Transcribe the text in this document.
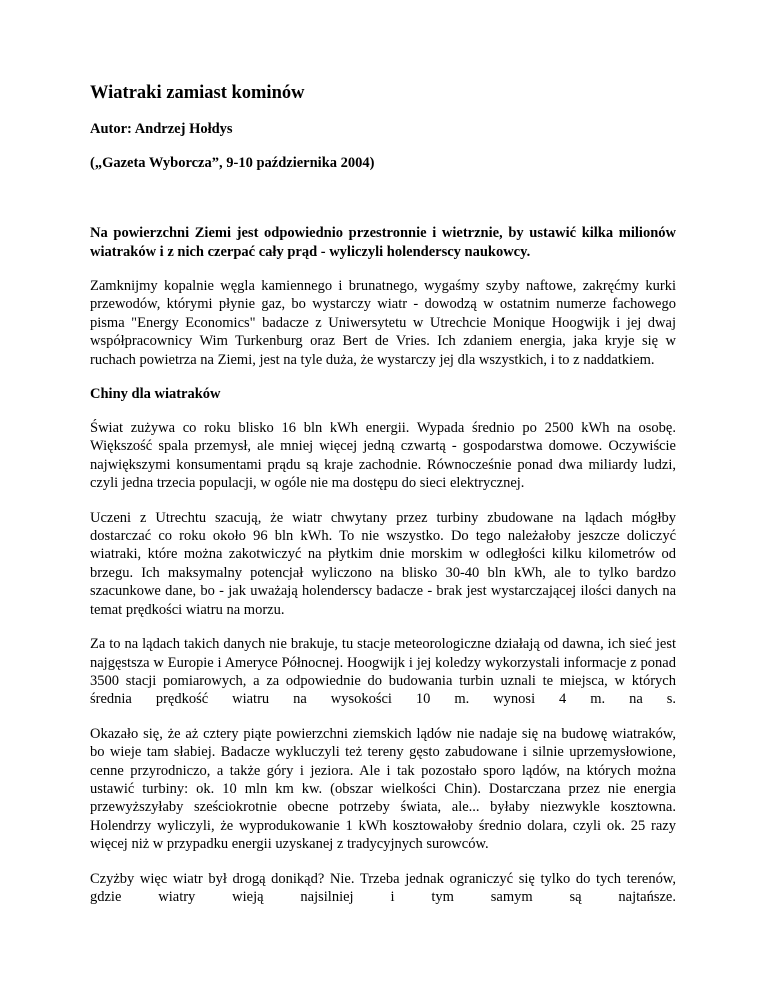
Wiatraki zamiast kominów

Autor: Andrzej Hołdys

(„Gazeta Wyborcza”, 9-10 października 2004)

Na powierzchni Ziemi jest odpowiednio przestronnie i wietrznie, by ustawić kilka milionów wiatraków i z nich czerpać cały prąd - wyliczyli holenderscy naukowcy.

Zamknijmy kopalnie węgla kamiennego i brunatnego, wygaśmy szyby naftowe, zakręćmy kurki przewodów, którymi płynie gaz, bo wystarczy wiatr - dowodzą w ostatnim numerze fachowego pisma "Energy Economics" badacze z Uniwersytetu w Utrechcie Monique Hoogwijk i jej dwaj współpracownicy Wim Turkenburg oraz Bert de Vries. Ich zdaniem energia, jaka kryje się w ruchach powietrza na Ziemi, jest na tyle duża, że wystarczy jej dla wszystkich, i to z naddatkiem.

Chiny dla wiatraków

Świat zużywa co roku blisko 16 bln kWh energii. Wypada średnio po 2500 kWh na osobę. Większość spala przemysł, ale mniej więcej jedną czwartą - gospodarstwa domowe. Oczywiście największymi konsumentami prądu są kraje zachodnie. Równocześnie ponad dwa miliardy ludzi, czyli jedna trzecia populacji, w ogóle nie ma dostępu do sieci elektrycznej.

Uczeni z Utrechtu szacują, że wiatr chwytany przez turbiny zbudowane na lądach mógłby dostarczać co roku około 96 bln kWh. To nie wszystko. Do tego należałoby jeszcze doliczyć wiatraki, które można zakotwiczyć na płytkim dnie morskim w odległości kilku kilometrów od brzegu. Ich maksymalny potencjał wyliczono na blisko 30-40 bln kWh, ale to tylko bardzo szacunkowe dane, bo - jak uważają holenderscy badacze - brak jest wystarczającej ilości danych na temat prędkości wiatru na morzu.

Za to na lądach takich danych nie brakuje, tu stacje meteorologiczne działają od dawna, ich sieć jest najgęstsza w Europie i Ameryce Północnej. Hoogwijk i jej koledzy wykorzystali informacje z ponad 3500 stacji pomiarowych, a za odpowiednie do budowania turbin uznali te miejsca, w których średnia prędkość wiatru na wysokości 10 m. wynosi 4 m. na s.

Okazało się, że aż cztery piąte powierzchni ziemskich lądów nie nadaje się na budowę wiatraków, bo wieje tam słabiej. Badacze wykluczyli też tereny gęsto zabudowane i silnie uprzemysłowione, cenne przyrodniczo, a także góry i jeziora. Ale i tak pozostało sporo lądów, na których można ustawić turbiny: ok. 10 mln km kw. (obszar wielkości Chin). Dostarczana przez nie energia przewyższyłaby sześciokrotnie obecne potrzeby świata, ale... byłaby niezwykle kosztowna. Holendrzy wyliczyli, że wyprodukowanie 1 kWh kosztowałoby średnio dolara, czyli ok. 25 razy więcej niż w przypadku energii uzyskanej z tradycyjnych surowców.

Czyżby więc wiatr był drogą donikąd? Nie. Trzeba jednak ograniczyć się tylko do tych terenów, gdzie wiatry wieją najsilniej i tym samym są najtańsze.
